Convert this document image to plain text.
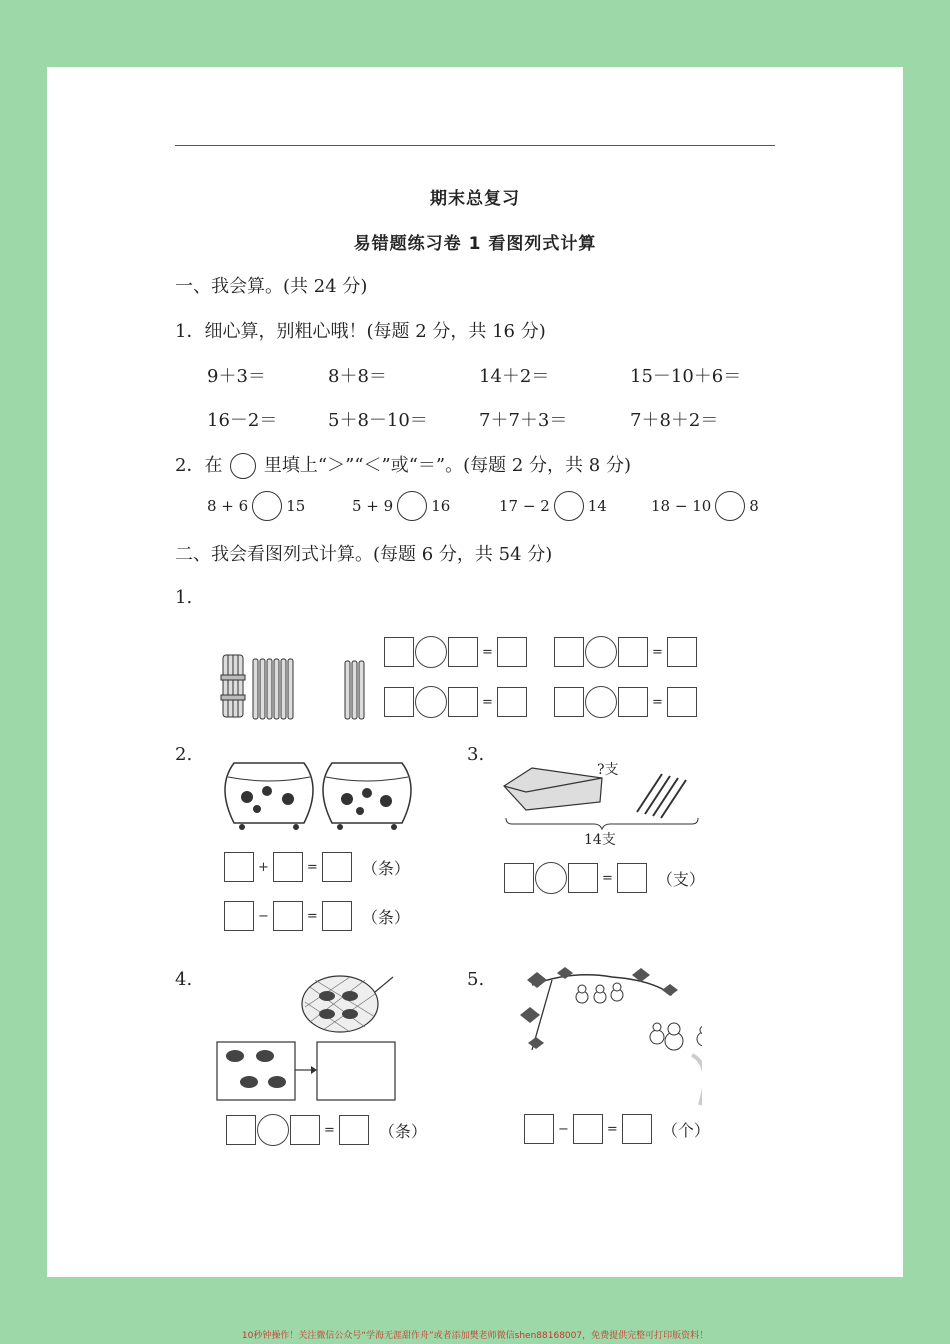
期末总复习
易错题练习卷 1 看图列式计算
一、我会算。(共 24 分)
1．细心算，别粗心哦！(每题 2 分，共 16 分)
9＋3＝	8＋8＝	14＋2＝	15－10＋6＝
16－2＝	5＋8－10＝	7＋7＋3＝	7＋8＋2＝
2．在 里填上“＞”“＜”或“＝”。(每题 2 分，共 8 分)
8 + 6	15	5 + 9	16	17 − 2	14	18 − 10	8
二、我会看图列式计算。(每题 6 分，共 54 分)
1.
=	=
=	=
2.
+	=	（条）
−	=	（条）
3.
?支
14支
=	（支）
4.
=	（条）
5.
−	=	（个）
10秒钟操作！关注微信公众号“学海无涯甜作舟”或者添加樊老师微信shen88168007，免费提供完整可打印版资料！
